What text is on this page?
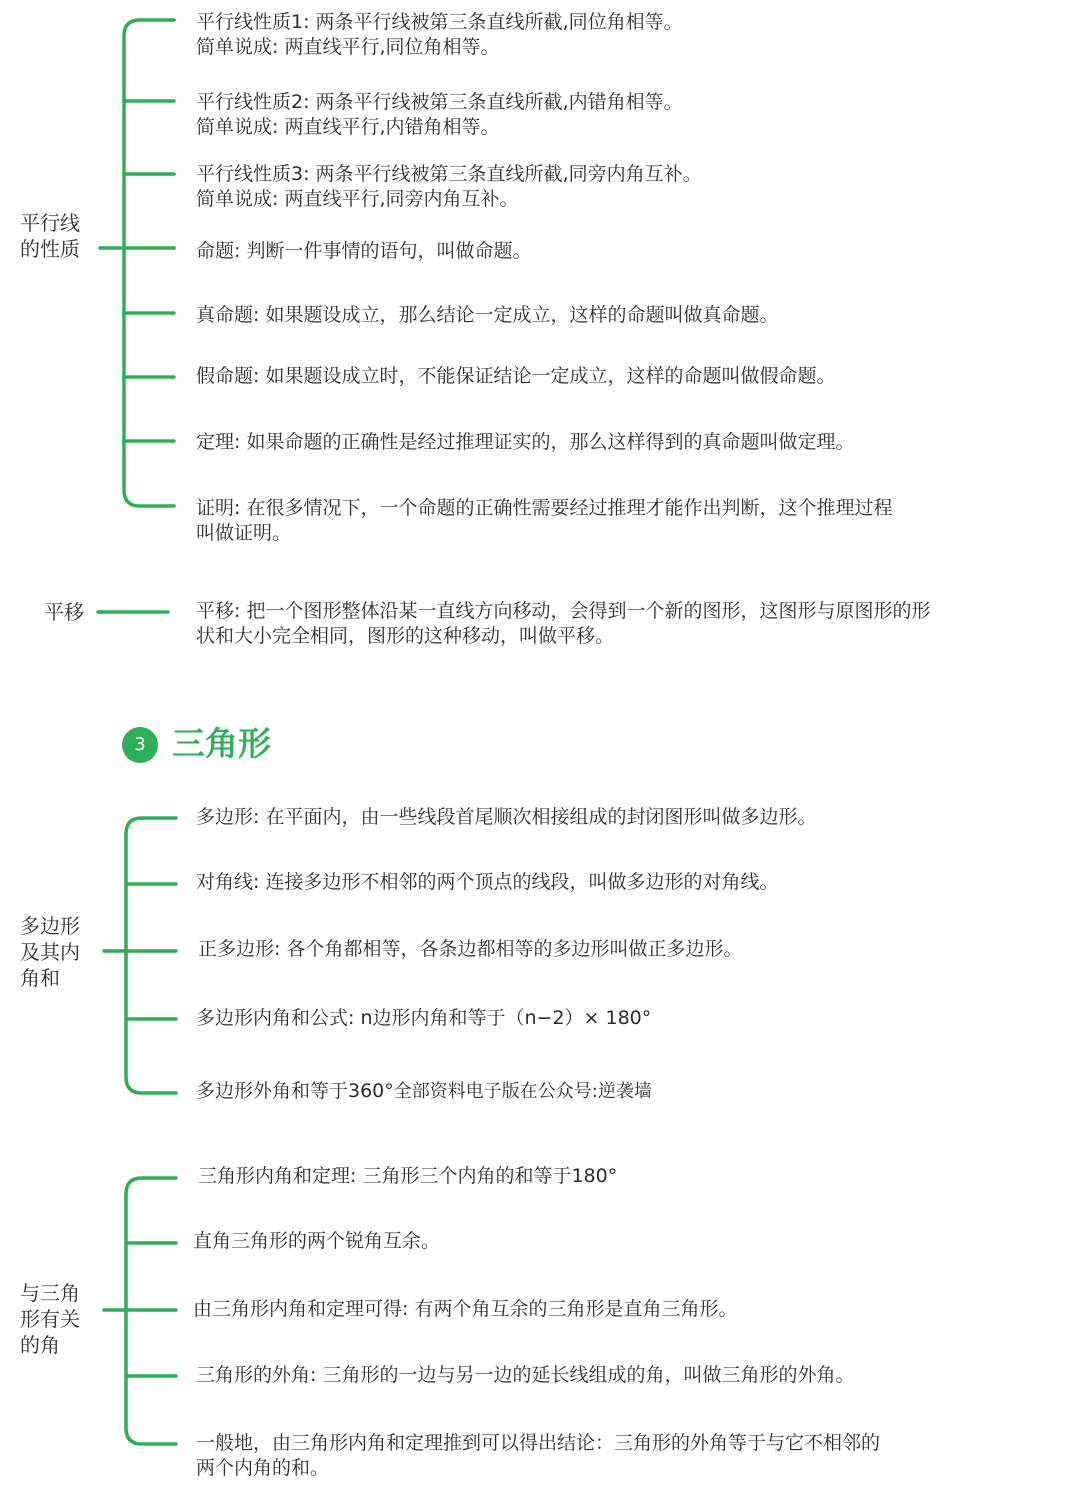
平行线
的性质
平行线性质1: 两条平行线被第三条直线所截,同位角相等。
简单说成: 两直线平行,同位角相等。
平行线性质2: 两条平行线被第三条直线所截,内错角相等。
简单说成: 两直线平行,内错角相等。
平行线性质3: 两条平行线被第三条直线所截,同旁内角互补。
简单说成: 两直线平行,同旁内角互补。
命题: 判断一件事情的语句，叫做命题。
真命题: 如果题设成立，那么结论一定成立，这样的命题叫做真命题。
假命题: 如果题设成立时，不能保证结论一定成立，这样的命题叫做假命题。
定理: 如果命题的正确性是经过推理证实的，那么这样得到的真命题叫做定理。
证明: 在很多情况下，一个命题的正确性需要经过推理才能作出判断，这个推理过程
叫做证明。
平移	平移: 把一个图形整体沿某一直线方向移动，会得到一个新的图形，这图形与原图形的形
状和大小完全相同，图形的这种移动，叫做平移。
3 三角形
多边形
及其内
角和
多边形: 在平面内，由一些线段首尾顺次相接组成的封闭图形叫做多边形。
对角线: 连接多边形不相邻的两个顶点的线段，叫做多边形的对角线。
正多边形: 各个角都相等，各条边都相等的多边形叫做正多边形。
多边形内角和公式: n边形内角和等于（n−2）× 180°
多边形外角和等于360°全部资料电子版在公众号:逆袭墙
与三角
形有关
的角
三角形内角和定理: 三角形三个内角的和等于180°
直角三角形的两个锐角互余。
由三角形内角和定理可得: 有两个角互余的三角形是直角三角形。
三角形的外角: 三角形的一边与另一边的延长线组成的角，叫做三角形的外角。
一般地，由三角形内角和定理推到可以得出结论：三角形的外角等于与它不相邻的
两个内角的和。
